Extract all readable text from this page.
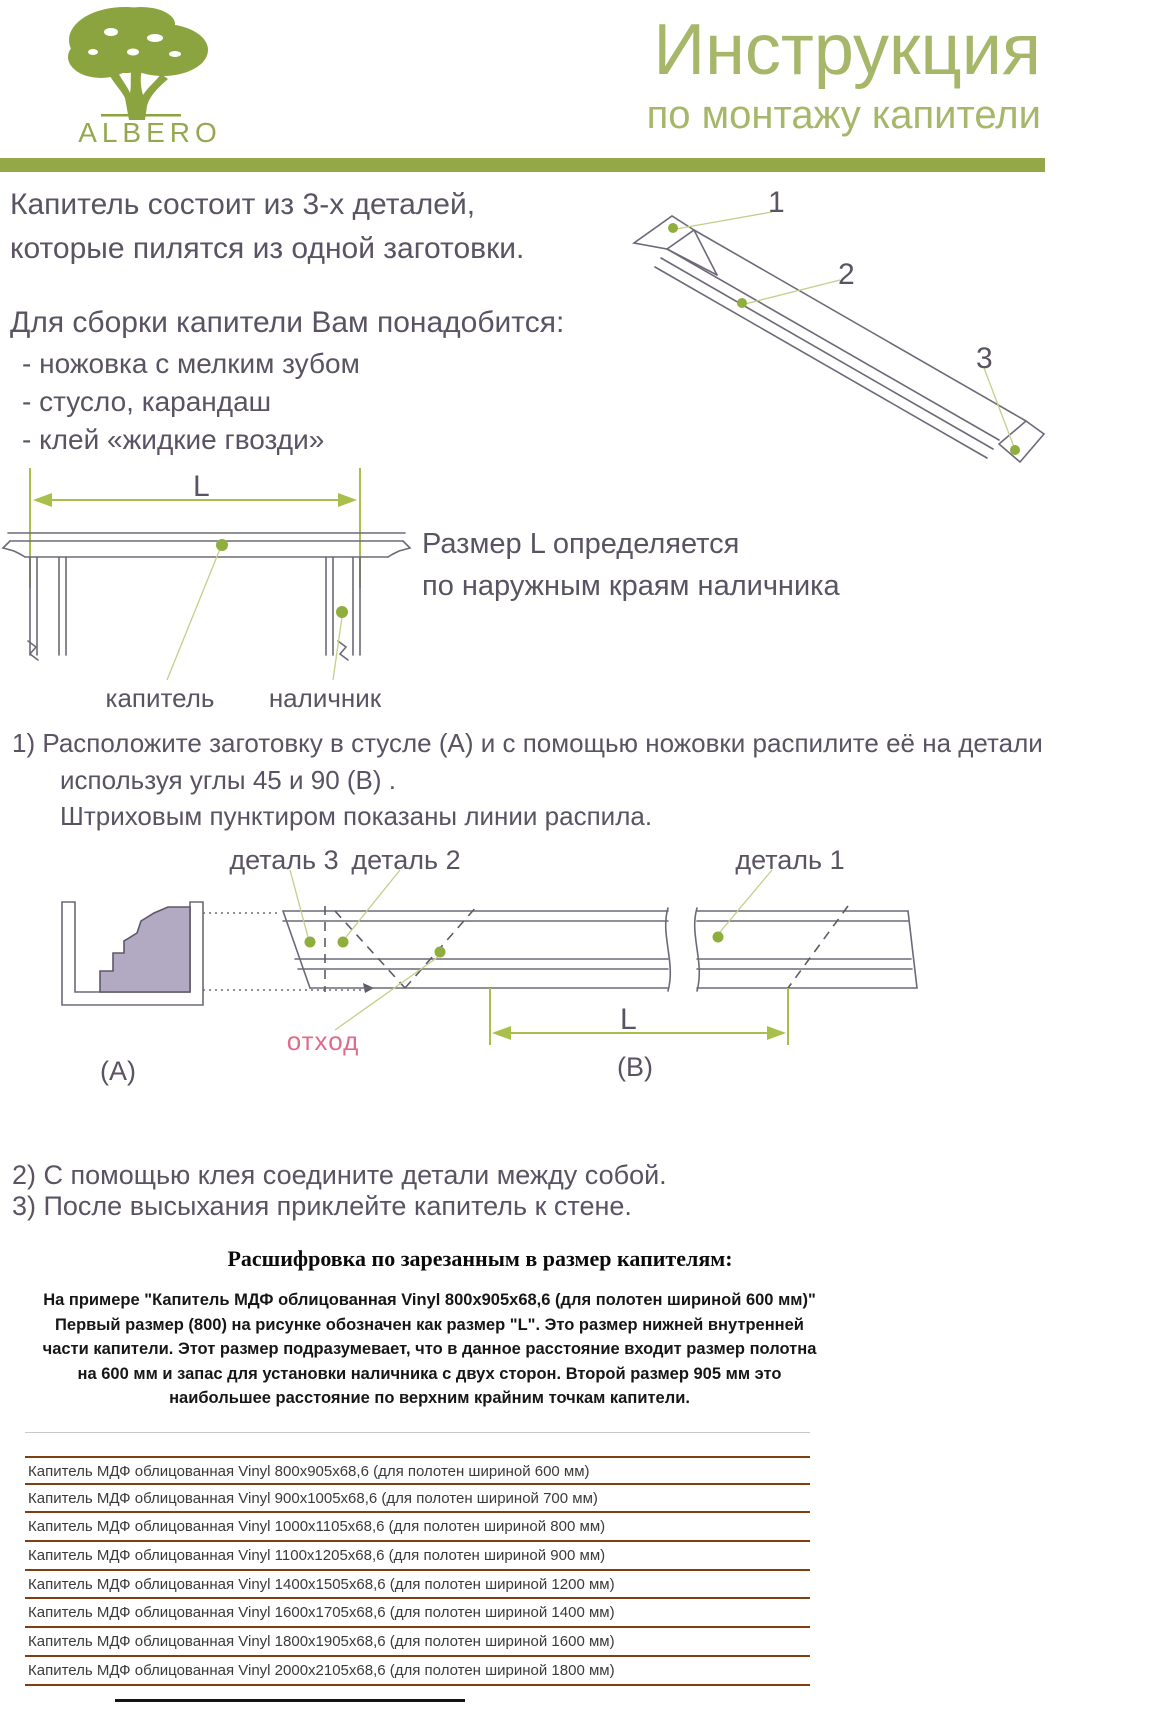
ALBERO
Инструкция
по монтажу капители
Капитель состоит из 3-х деталей,
которые пилятся из одной заготовки.
Для сборки капители Вам понадобится:
- ножовка с мелким зубом
- стусло, карандаш
- клей «жидкие гвозди»
1
2
3
L
Размер L определяется
по наружным краям наличника
капитель наличник
1) Расположите заготовку в стусле (А) и с помощью ножовки распилите её на детали
используя углы 45 и 90 (В) .
Штриховым пунктиром показаны линии распила.
деталь 3 деталь 2	деталь 1
отход
L
(А)	(В)
2) С помощью клея соедините детали между собой.
3) После высыхания приклейте капитель к стене.
Расшифровка по зарезанным в размер капителям:
На примере "Капитель МДФ облицованная Vinyl 800х905х68,6 (для полотен шириной 600 мм)" Первый размер (800) на рисунке обозначен как размер "L". Это размер нижней внутренней части капители. Этот размер подразумевает, что в данное расстояние входит размер полотна на 600 мм и запас для установки наличника с двух сторон. Второй размер 905 мм это наибольшее расстояние по верхним крайним точкам капители.
Капитель МДФ облицованная Vinyl 800х905х68,6 (для полотен шириной 600 мм)
Капитель МДФ облицованная Vinyl 900х1005х68,6 (для полотен шириной 700 мм)
Капитель МДФ облицованная Vinyl 1000х1105х68,6 (для полотен шириной 800 мм)
Капитель МДФ облицованная Vinyl 1100х1205х68,6 (для полотен шириной 900 мм)
Капитель МДФ облицованная Vinyl 1400х1505х68,6 (для полотен шириной 1200 мм)
Капитель МДФ облицованная Vinyl 1600х1705х68,6 (для полотен шириной 1400 мм)
Капитель МДФ облицованная Vinyl 1800х1905х68,6 (для полотен шириной 1600 мм)
Капитель МДФ облицованная Vinyl 2000х2105х68,6 (для полотен шириной 1800 мм)
